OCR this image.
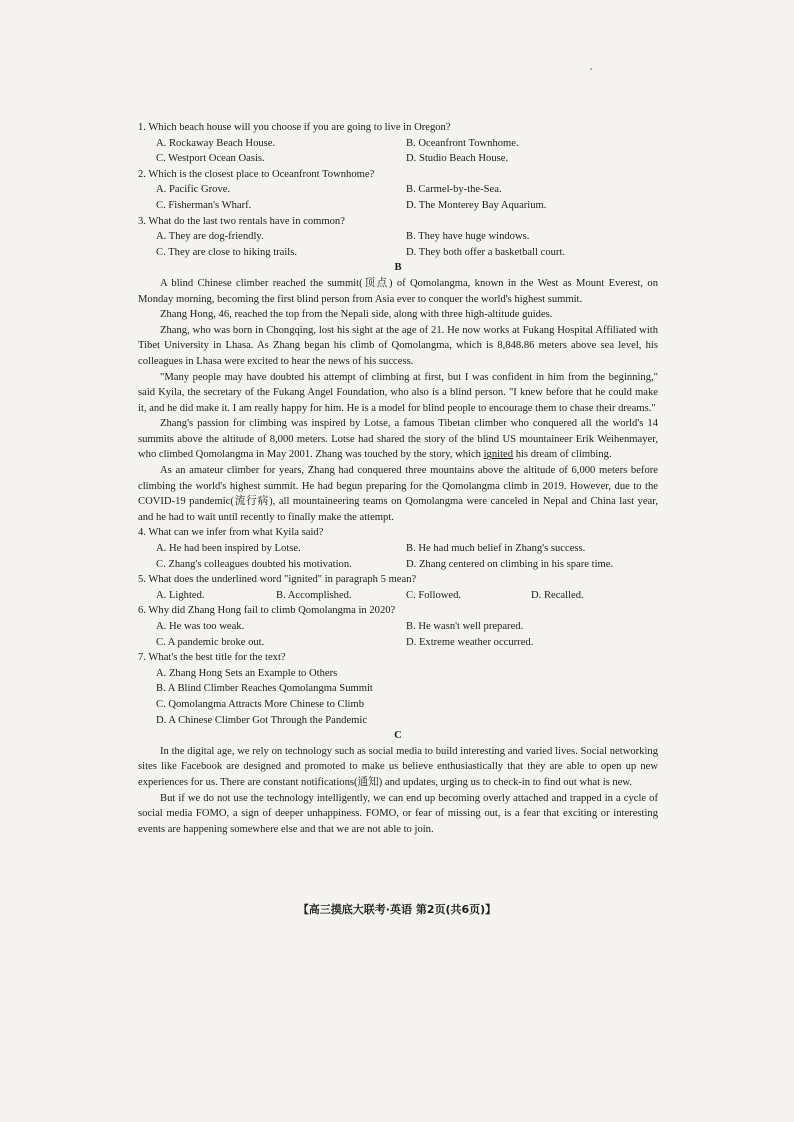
1. Which beach house will you choose if you are going to live in Oregon?

A. Rockaway Beach House.	B. Oceanfront Townhome.
C. Westport Ocean Oasis.	D. Studio Beach House.

2. Which is the closest place to Oceanfront Townhome?

A. Pacific Grove.	B. Carmel-by-the-Sea.
C. Fisherman's Wharf.	D. The Monterey Bay Aquarium.

3. What do the last two rentals have in common?

A. They are dog-friendly.	B. They have huge windows.
C. They are close to hiking trails.	D. They both offer a basketball court.

B

A blind Chinese climber reached the summit(顶点) of Qomolangma, known in the West as Mount Everest, on Monday morning, becoming the first blind person from Asia ever to conquer the world's highest summit.

Zhang Hong, 46, reached the top from the Nepali side, along with three high-altitude guides.

Zhang, who was born in Chongqing, lost his sight at the age of 21. He now works at Fukang Hospital Affiliated with Tibet University in Lhasa. As Zhang began his climb of Qomolangma, which is 8,848.86 meters above sea level, his colleagues in Lhasa were excited to hear the news of his success.

"Many people may have doubted his attempt of climbing at first, but I was confident in him from the beginning," said Kyila, the secretary of the Fukang Angel Foundation, who also is a blind person. "I knew before that he could make it, and he did make it. I am really happy for him. He is a model for blind people to encourage them to chase their dreams."

Zhang's passion for climbing was inspired by Lotse, a famous Tibetan climber who conquered all the world's 14 summits above the altitude of 8,000 meters. Lotse had shared the story of the blind US mountaineer Erik Weihenmayer, who climbed Qomolangma in May 2001. Zhang was touched by the story, which ignited his dream of climbing.

As an amateur climber for years, Zhang had conquered three mountains above the altitude of 6,000 meters before climbing the world's highest summit. He had begun preparing for the Qomolangma climb in 2019. However, due to the COVID-19 pandemic(流行病), all mountaineering teams on Qomolangma were canceled in Nepal and China last year, and he had to wait until recently to finally make the attempt.

4. What can we infer from what Kyila said?

A. He had been inspired by Lotse.	B. He had much belief in Zhang's success.
C. Zhang's colleagues doubted his motivation.	D. Zhang centered on climbing in his spare time.

5. What does the underlined word "ignited" in paragraph 5 mean?

A. Lighted.	B. Accomplished.	C. Followed.	D. Recalled.

6. Why did Zhang Hong fail to climb Qomolangma in 2020?

A. He was too weak.	B. He wasn't well prepared.
C. A pandemic broke out.	D. Extreme weather occurred.

7. What's the best title for the text?

A. Zhang Hong Sets an Example to Others
B. A Blind Climber Reaches Qomolangma Summit
C. Qomolangma Attracts More Chinese to Climb
D. A Chinese Climber Got Through the Pandemic

C

In the digital age, we rely on technology such as social media to build interesting and varied lives. Social networking sites like Facebook are designed and promoted to make us believe enthusiastically that they are able to open up new experiences for us. There are constant notifications(通知) and updates, urging us to check-in to find out what is new.

But if we do not use the technology intelligently, we can end up becoming overly attached and trapped in a cycle of social media FOMO, a sign of deeper unhappiness. FOMO, or fear of missing out, is a fear that exciting or interesting events are happening somewhere else and that we are not able to join.

【高三摸底大联考·英语 第2页(共6页)】
